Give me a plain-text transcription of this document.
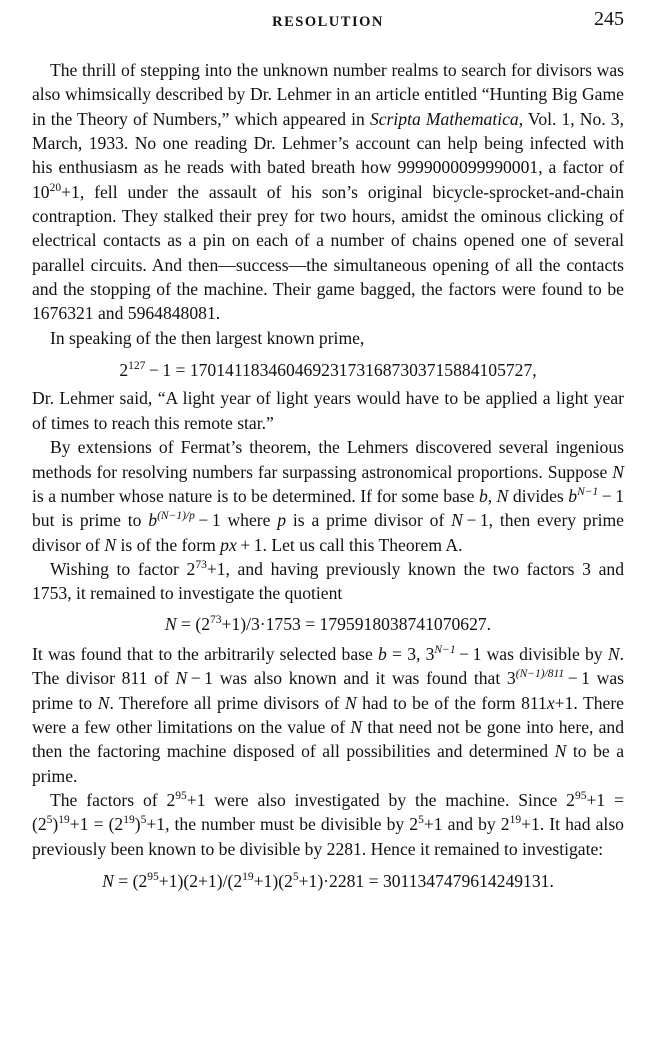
RESOLUTION	245

The thrill of stepping into the unknown number realms to search for divisors was also whimsically described by Dr. Lehmer in an article entitled “Hunting Big Game in the Theory of Numbers,” which appeared in Scripta Mathematica, Vol. 1, No. 3, March, 1933. No one reading Dr. Lehmer’s account can help being infected with his enthusiasm as he reads with bated breath how 9999000099990001, a factor of $10^{20}+1$, fell under the assault of his son’s original bicycle-sprocket-and-chain contraption. They stalked their prey for two hours, amidst the ominous clicking of electrical contacts as a pin on each of a number of chains opened one of several parallel circuits. And then—success—the simultaneous opening of all the contacts and the stopping of the machine. Their game bagged, the factors were found to be 1676321 and 5964848081.

In speaking of the then largest known prime,

$2^{127} - 1 = 170141183460469231731687303715884105727$,

Dr. Lehmer said, “A light year of light years would have to be applied a light year of times to reach this remote star.”

By extensions of Fermat’s theorem, the Lehmers discovered several ingenious methods for resolving numbers far surpassing astronomical proportions. Suppose N is a number whose nature is to be determined. If for some base b, N divides $b^{N-1} - 1$ but is prime to $b^{(N-1)/p} - 1$ where p is a prime divisor of N − 1, then every prime divisor of N is of the form px + 1. Let us call this Theorem A.

Wishing to factor $2^{73}+1$, and having previously known the two factors 3 and 1753, it remained to investigate the quotient

$N = (2^{73}+1)/3\cdot 1753 = 1795918038741070627$.

It was found that to the arbitrarily selected base b = 3, $3^{N-1} - 1$ was divisible by N. The divisor 811 of N − 1 was also known and it was found that $3^{(N-1)/811} - 1$ was prime to N. Therefore all prime divisors of N had to be of the form 811x+1. There were a few other limitations on the value of N that need not be gone into here, and then the factoring machine disposed of all possibilities and determined N to be a prime.

The factors of $2^{95}+1$ were also investigated by the machine. Since $2^{95}+1 = (2^5)^{19}+1 = (2^{19})^5+1$, the number must be divisible by $2^5+1$ and by $2^{19}+1$. It had also previously been known to be divisible by 2281. Hence it remained to investigate:

$N = (2^{95}+1)(2+1)/(2^{19}+1)(2^5+1)\cdot 2281 = 3011347479614249131$.
